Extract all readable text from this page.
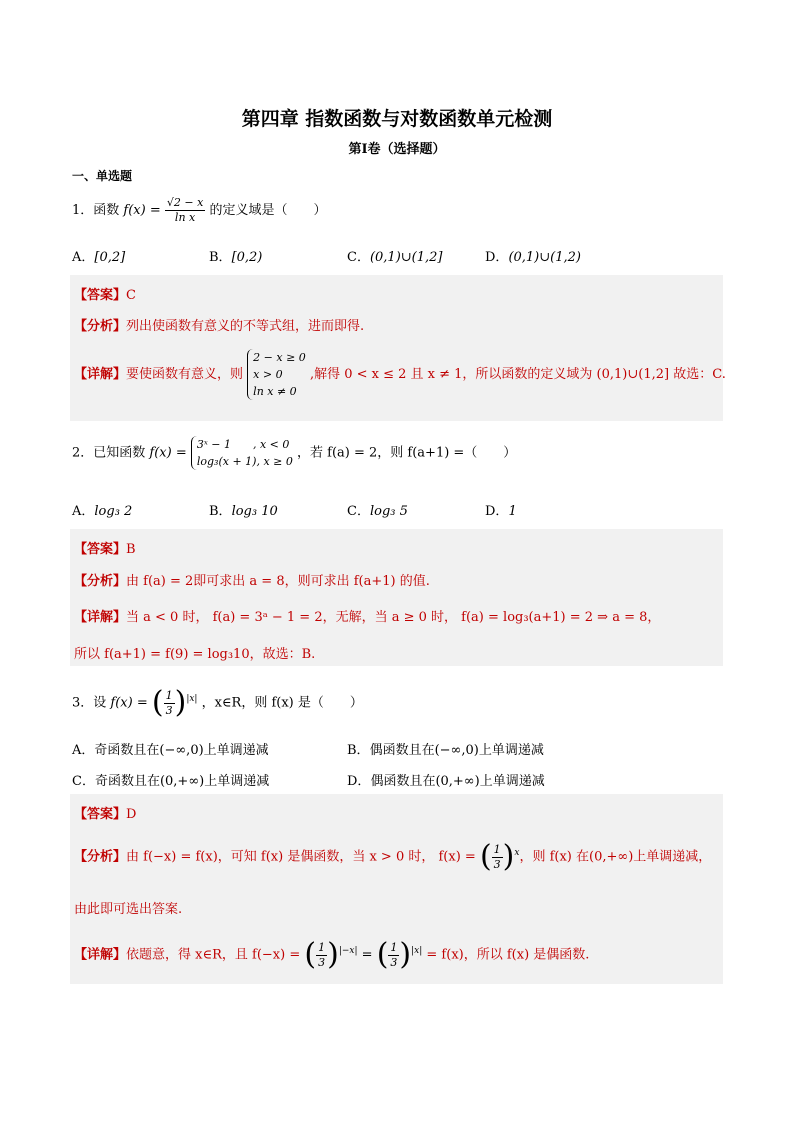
第四章 指数函数与对数函数单元检测
第Ⅰ卷（选择题）
一、单选题
1．函数 $f(x) = \frac{√2 - x}{\text{ln x}}$ 的定义域是（　　）
A．[0,2]	B．[0,2)	C．(0,1)∪(1,2]	D．(0,1)∪(1,2)
【答案】C
【分析】列出使函数有意义的不等式组，进而即得.
【详解】要使函数有意义，则
2 − x ≥ 0
x > 0
ln x ≠ 0
,解得 0 < x ≤ 2 且 x ≠ 1，所以函数的定义域为 (0,1)∪(1,2] 故选：C.
2．已知函数 f(x) =
3ˣ − 1　　, x < 0
log₃(x + 1), x ≥ 0
，若 f(a) = 2，则 f(a+1) =（　　）
A．log₃ 2	B．log₃ 10	C．log₃ 5	D．1
【答案】B
【分析】由 f(a) = 2即可求出 a = 8，则可求出 f(a+1) 的值.
【详解】当 a < 0 时， f(a) = 3ᵃ − 1 = 2，无解，当 a ≥ 0 时， f(a) = log₃(a+1) = 2 ⇒ a = 8，
所以 f(a+1) = f(9) = log₃10，故选：B.
3．设 f(x) = ( $\frac{1}{3} )^{|x|}$ ，x∈R，则 f(x) 是（　　）
A．奇函数且在(−∞,0)上单调递减	B．偶函数且在(−∞,0)上单调递减
C．奇函数且在(0,+∞)上单调递减	D．偶函数且在(0,+∞)上单调递减
【答案】D
【分析】由 f(−x) = f(x)，可知 f(x) 是偶函数，当 x > 0 时， f(x) = ( $\frac{1}{3} )^x$，则 f(x) 在(0,+∞)上单调递减，
由此即可选出答案.
【详解】依题意，得 x∈R，且 f(−x) = ( $\frac{1}{3} )^{|-x|}$ = ( $\frac{1}{3} )^{|x|} = f(x)$，所以 f(x) 是偶函数.
